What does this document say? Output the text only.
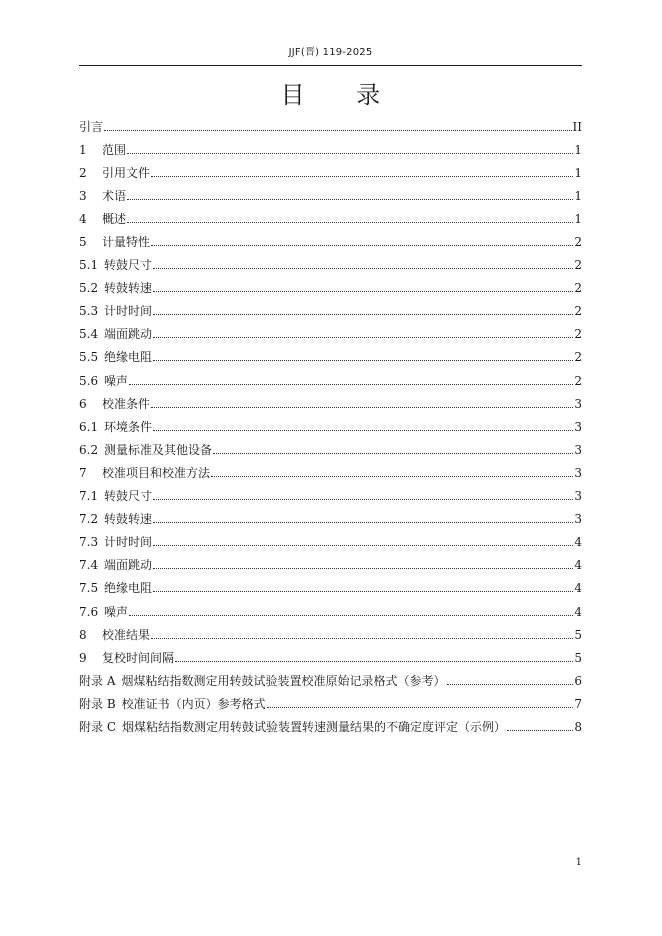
JJF(晋) 119-2025
目 录
引言	II
1	范围	1
2	引用文件	1
3	术语	1
4	概述	1
5	计量特性	2
5.1 转鼓尺寸	2
5.2 转鼓转速	2
5.3 计时时间	2
5.4 端面跳动	2
5.5 绝缘电阻	2
5.6 噪声	2
6	校准条件	3
6.1 环境条件	3
6.2 测量标准及其他设备	3
7	校准项目和校准方法	3
7.1 转鼓尺寸	3
7.2 转鼓转速	3
7.3 计时时间	4
7.4 端面跳动	4
7.5 绝缘电阻	4
7.6 噪声	4
8	校准结果	5
9	复校时间间隔	5
附录 A 烟煤粘结指数测定用转鼓试验装置校准原始记录格式（参考）	6
附录 B 校准证书（内页）参考格式	7
附录 C 烟煤粘结指数测定用转鼓试验装置转速测量结果的不确定度评定（示例）	8
1
